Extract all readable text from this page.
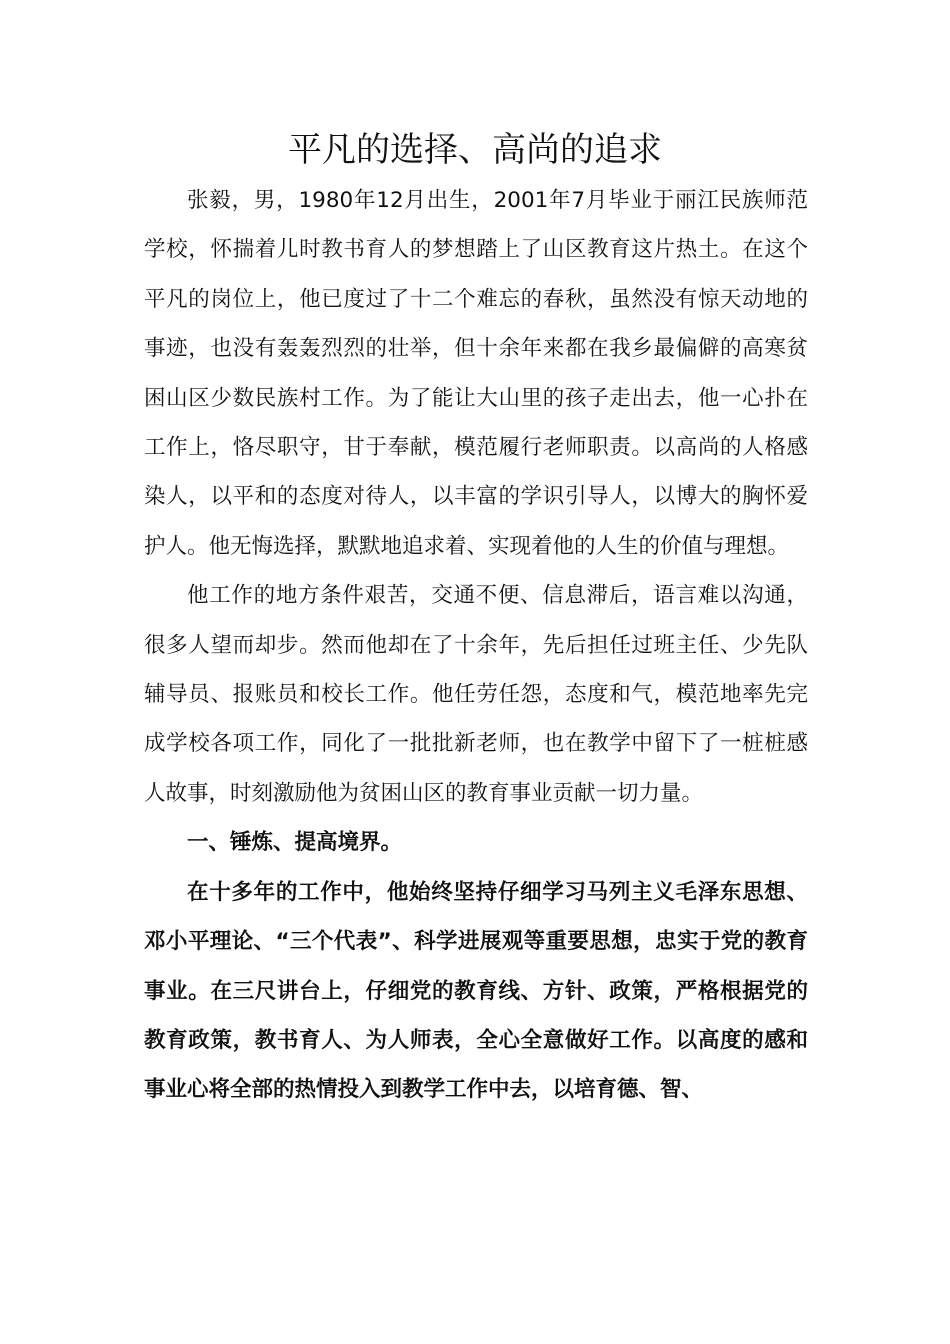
平凡的选择、高尚的追求

张毅，男，1980年12月出生，2001年7月毕业于丽江民族师范学校，怀揣着儿时教书育人的梦想踏上了山区教育这片热土。在这个平凡的岗位上，他已度过了十二个难忘的春秋，虽然没有惊天动地的事迹，也没有轰轰烈烈的壮举，但十余年来都在我乡最偏僻的高寒贫困山区少数民族村工作。为了能让大山里的孩子走出去，他一心扑在工作上，恪尽职守，甘于奉献，模范履行老师职责。以高尚的人格感染人，以平和的态度对待人，以丰富的学识引导人，以博大的胸怀爱护人。他无悔选择，默默地追求着、实现着他的人生的价值与理想。

他工作的地方条件艰苦，交通不便、信息滞后，语言难以沟通，很多人望而却步。然而他却在了十余年，先后担任过班主任、少先队辅导员、报账员和校长工作。他任劳任怨，态度和气，模范地率先完成学校各项工作，同化了一批批新老师，也在教学中留下了一桩桩感人故事，时刻激励他为贫困山区的教育事业贡献一切力量。

一、锤炼、提高境界。

在十多年的工作中，他始终坚持仔细学习马列主义毛泽东思想、邓小平理论、“三个代表”、科学进展观等重要思想，忠实于党的教育事业。在三尺讲台上，仔细党的教育线、方针、政策，严格根据党的教育政策，教书育人、为人师表，全心全意做好工作。以高度的感和事业心将全部的热情投入到教学工作中去，以培育德、智、
